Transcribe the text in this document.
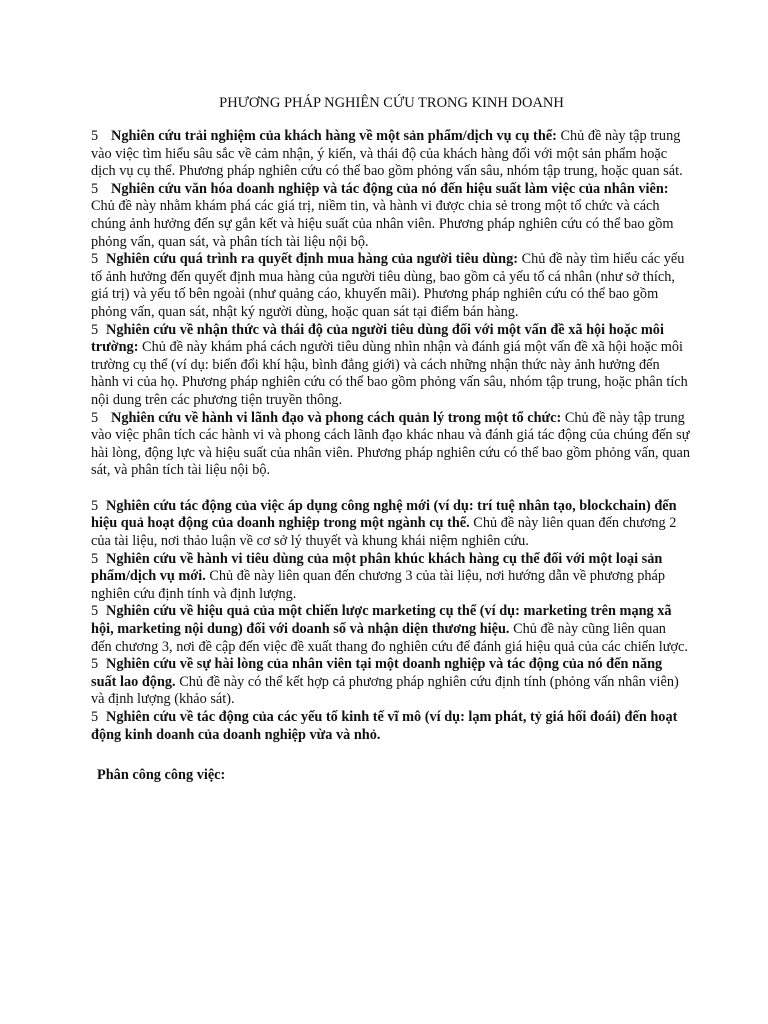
PHƯƠNG PHÁP NGHIÊN CỨU TRONG KINH DOANH

5 Nghiên cứu trải nghiệm của khách hàng về một sản phẩm/dịch vụ cụ thể: Chủ đề này tập trung vào việc tìm hiểu sâu sắc về cảm nhận, ý kiến, và thái độ của khách hàng đối với một sản phẩm hoặc dịch vụ cụ thể. Phương pháp nghiên cứu có thể bao gồm phỏng vấn sâu, nhóm tập trung, hoặc quan sát.

5 Nghiên cứu văn hóa doanh nghiệp và tác động của nó đến hiệu suất làm việc của nhân viên: Chủ đề này nhằm khám phá các giá trị, niềm tin, và hành vi được chia sẻ trong một tổ chức và cách chúng ảnh hưởng đến sự gắn kết và hiệu suất của nhân viên. Phương pháp nghiên cứu có thể bao gồm phỏng vấn, quan sát, và phân tích tài liệu nội bộ.

5 Nghiên cứu quá trình ra quyết định mua hàng của người tiêu dùng: Chủ đề này tìm hiểu các yếu tố ảnh hưởng đến quyết định mua hàng của người tiêu dùng, bao gồm cả yếu tố cá nhân (như sở thích, giá trị) và yếu tố bên ngoài (như quảng cáo, khuyến mãi). Phương pháp nghiên cứu có thể bao gồm phỏng vấn, quan sát, nhật ký người dùng, hoặc quan sát tại điểm bán hàng.

5 Nghiên cứu về nhận thức và thái độ của người tiêu dùng đối với một vấn đề xã hội hoặc môi trường: Chủ đề này khám phá cách người tiêu dùng nhìn nhận và đánh giá một vấn đề xã hội hoặc môi trường cụ thể (ví dụ: biến đổi khí hậu, bình đẳng giới) và cách những nhận thức này ảnh hưởng đến hành vi của họ. Phương pháp nghiên cứu có thể bao gồm phỏng vấn sâu, nhóm tập trung, hoặc phân tích nội dung trên các phương tiện truyền thông.

5 Nghiên cứu về hành vi lãnh đạo và phong cách quản lý trong một tổ chức: Chủ đề này tập trung vào việc phân tích các hành vi và phong cách lãnh đạo khác nhau và đánh giá tác động của chúng đến sự hài lòng, động lực và hiệu suất của nhân viên. Phương pháp nghiên cứu có thể bao gồm phỏng vấn, quan sát, và phân tích tài liệu nội bộ.

5 Nghiên cứu tác động của việc áp dụng công nghệ mới (ví dụ: trí tuệ nhân tạo, blockchain) đến hiệu quả hoạt động của doanh nghiệp trong một ngành cụ thể. Chủ đề này liên quan đến chương 2 của tài liệu, nơi thảo luận về cơ sở lý thuyết và khung khái niệm nghiên cứu.

5 Nghiên cứu về hành vi tiêu dùng của một phân khúc khách hàng cụ thể đối với một loại sản phẩm/dịch vụ mới. Chủ đề này liên quan đến chương 3 của tài liệu, nơi hướng dẫn về phương pháp nghiên cứu định tính và định lượng.

5 Nghiên cứu về hiệu quả của một chiến lược marketing cụ thể (ví dụ: marketing trên mạng xã hội, marketing nội dung) đối với doanh số và nhận diện thương hiệu. Chủ đề này cũng liên quan đến chương 3, nơi đề cập đến việc đề xuất thang đo nghiên cứu để đánh giá hiệu quả của các chiến lược.

5 Nghiên cứu về sự hài lòng của nhân viên tại một doanh nghiệp và tác động của nó đến năng suất lao động. Chủ đề này có thể kết hợp cả phương pháp nghiên cứu định tính (phỏng vấn nhân viên) và định lượng (khảo sát).

5 Nghiên cứu về tác động của các yếu tố kinh tế vĩ mô (ví dụ: lạm phát, tỷ giá hối đoái) đến hoạt động kinh doanh của doanh nghiệp vừa và nhỏ.

Phân công công việc:
